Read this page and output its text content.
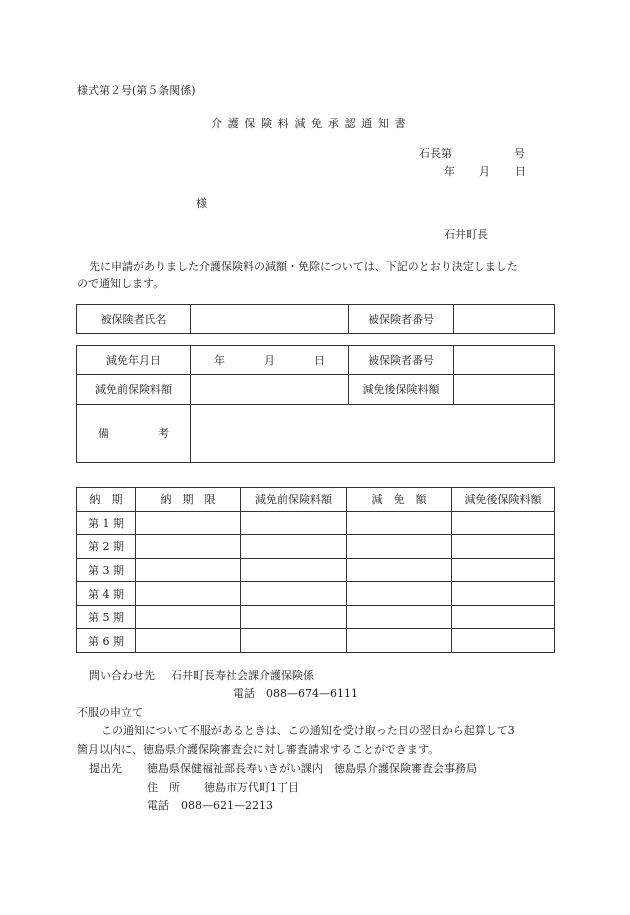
様式第２号(第５条関係)
介 護 保 険 料 減 免 承 認 通 知 書
石長第	号
年 月 日
様
石井町長
先に申請がありました介護保険料の減額・免除については、下記のとおり決定しました
ので通知します。
被保険者氏名		被保険者番号	
減免年月日	年 月 日	被保険者番号	
減免前保険料額		減免後保険料額	
備 考			
納　期	納　期　限	減免前保険料額	減　免　額	減免後保険料額
第 1 期				
第 2 期				
第 3 期				
第 4 期				
第 5 期				
第 6 期				
問い合わせ先 石井町長寿社会課介護保険係
電話 088—674—6111
不服の申立て
この通知について不服があるときは、この通知を受け取った日の翌日から起算して3
箇月以内に、徳島県介護保険審査会に対し審査請求することができます。
提出先 徳島県保健福祉部長寿いきがい課内　徳島県介護保険審査会事務局
住　所 徳島市万代町1丁目
電話 088—621—2213
